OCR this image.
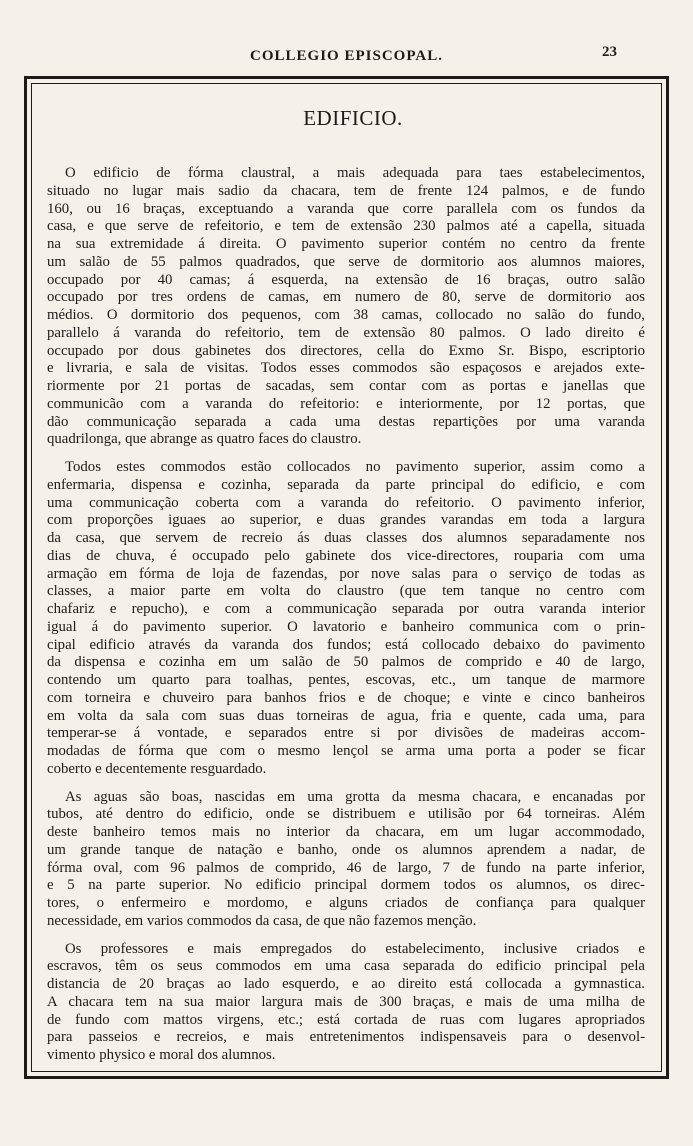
COLLEGIO EPISCOPAL.	23
EDIFICIO.
O edificio de fórma claustral, a mais adequada para taes estabelecimentos,
situado no lugar mais sadio da chacara, tem de frente 124 palmos, e de fundo
160, ou 16 braças, exceptuando a varanda que corre parallela com os fundos da
casa, e que serve de refeitorio, e tem de extensão 230 palmos até a capella, situada
na sua extremidade á direita. O pavimento superior contém no centro da frente
um salão de 55 palmos quadrados, que serve de dormitorio aos alumnos maiores,
occupado por 40 camas; á esquerda, na extensão de 16 braças, outro salão
occupado por tres ordens de camas, em numero de 80, serve de dormitorio aos
médios. O dormitorio dos pequenos, com 38 camas, collocado no salão do fundo,
parallelo á varanda do refeitorio, tem de extensão 80 palmos. O lado direito é
occupado por dous gabinetes dos directores, cella do Exmo Sr. Bispo, escriptorio
e livraria, e sala de visitas. Todos esses commodos são espaçosos e arejados exte-
riormente por 21 portas de sacadas, sem contar com as portas e janellas que
communicão com a varanda do refeitorio: e interiormente, por 12 portas, que
dão communicação separada a cada uma destas repartições por uma varanda
quadrilonga, que abrange as quatro faces do claustro.
Todos estes commodos estão collocados no pavimento superior, assim como a
enfermaria, dispensa e cozinha, separada da parte principal do edificio, e com
uma communicação coberta com a varanda do refeitorio. O pavimento inferior,
com proporções iguaes ao superior, e duas grandes varandas em toda a largura
da casa, que servem de recreio ás duas classes dos alumnos separadamente nos
dias de chuva, é occupado pelo gabinete dos vice-directores, rouparia com uma
armação em fórma de loja de fazendas, por nove salas para o serviço de todas as
classes, a maior parte em volta do claustro (que tem tanque no centro com
chafariz e repucho), e com a communicação separada por outra varanda interior
igual á do pavimento superior. O lavatorio e banheiro communica com o prin-
cipal edificio através da varanda dos fundos; está collocado debaixo do pavimento
da dispensa e cozinha em um salão de 50 palmos de comprido e 40 de largo,
contendo um quarto para toalhas, pentes, escovas, etc., um tanque de marmore
com torneira e chuveiro para banhos frios e de choque; e vinte e cinco banheiros
em volta da sala com suas duas torneiras de agua, fria e quente, cada uma, para
temperar-se á vontade, e separados entre si por divisões de madeiras accom-
modadas de fórma que com o mesmo lençol se arma uma porta a poder se ficar
coberto e decentemente resguardado.
As aguas são boas, nascidas em uma grotta da mesma chacara, e encanadas por
tubos, até dentro do edificio, onde se distribuem e utilisão por 64 torneiras. Além
deste banheiro temos mais no interior da chacara, em um lugar accommodado,
um grande tanque de natação e banho, onde os alumnos aprendem a nadar, de
fórma oval, com 96 palmos de comprido, 46 de largo, 7 de fundo na parte inferior,
e 5 na parte superior. No edificio principal dormem todos os alumnos, os direc-
tores, o enfermeiro e mordomo, e alguns criados de confiança para qualquer
necessidade, em varios commodos da casa, de que não fazemos menção.
Os professores e mais empregados do estabelecimento, inclusive criados e
escravos, têm os seus commodos em uma casa separada do edificio principal pela
distancia de 20 braças ao lado esquerdo, e ao direito está collocada a gymnastica.
A chacara tem na sua maior largura mais de 300 braças, e mais de uma milha de
de fundo com mattos virgens, etc.; está cortada de ruas com lugares apropriados
para passeios e recreios, e mais entretenimentos indispensaveis para o desenvol-
vimento physico e moral dos alumnos.
